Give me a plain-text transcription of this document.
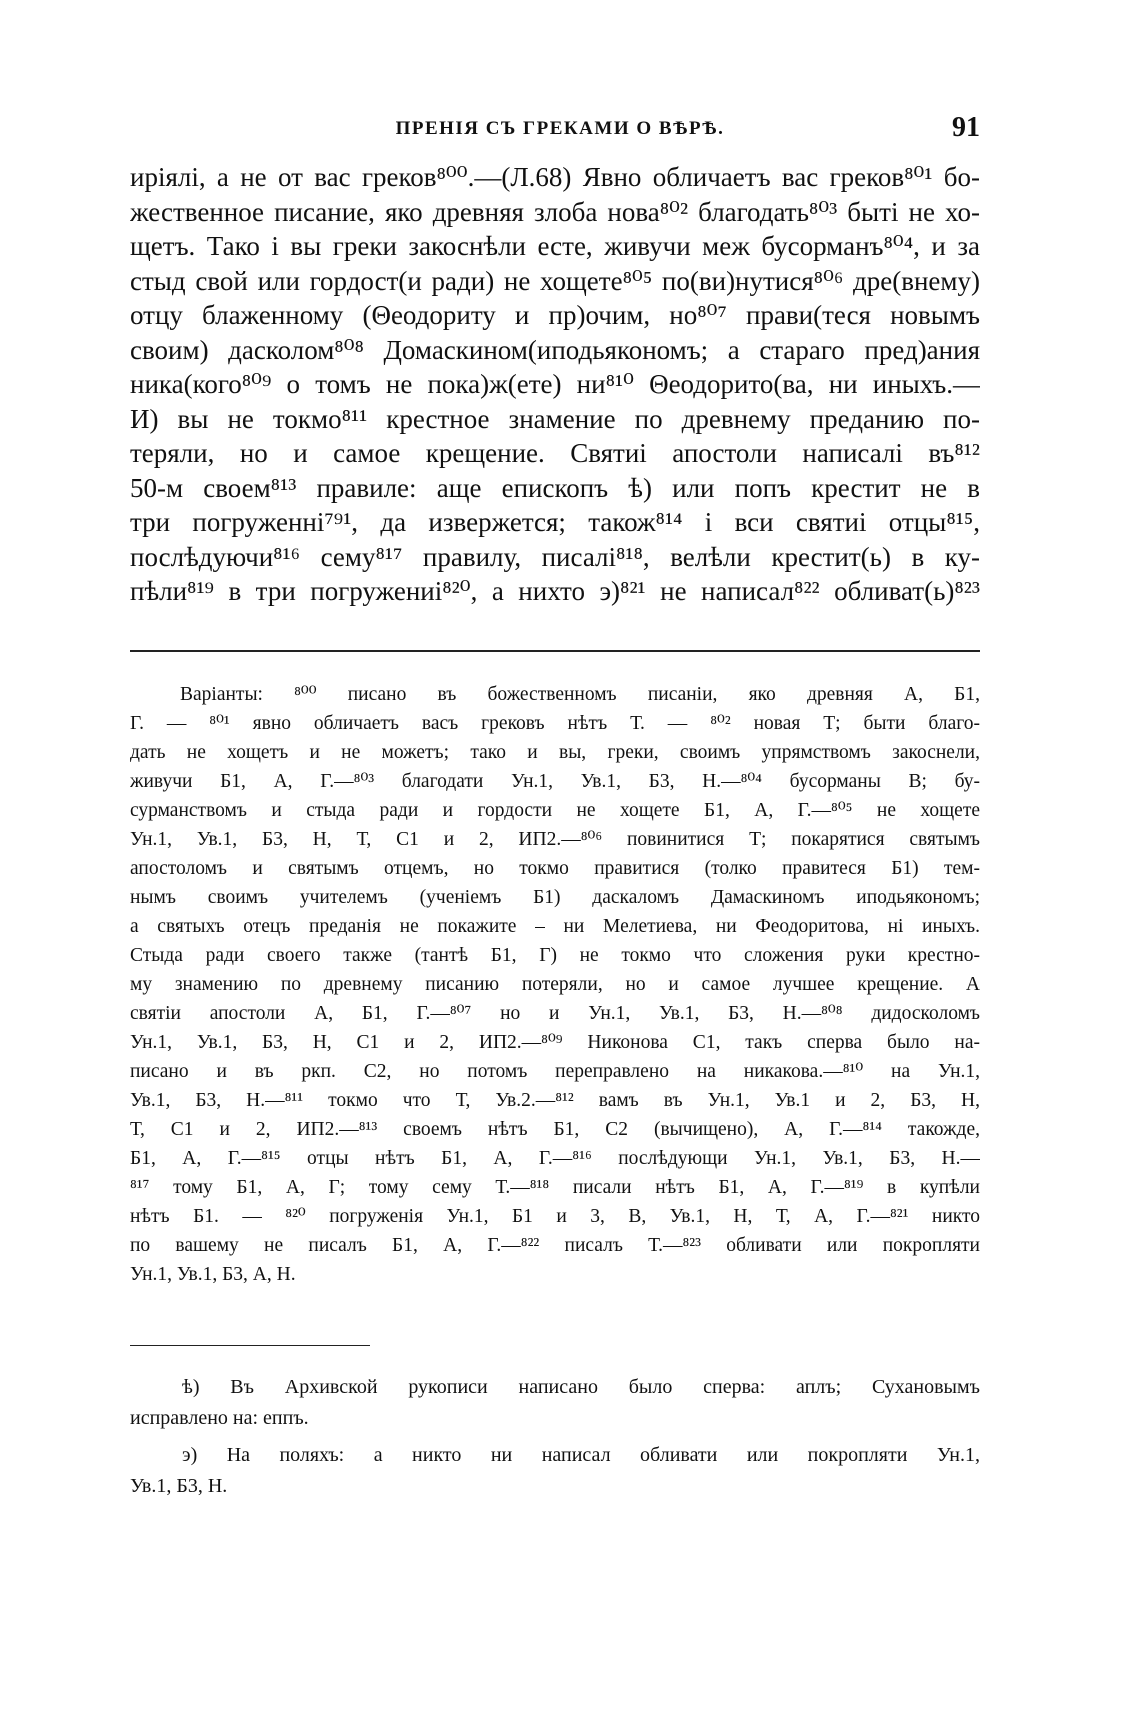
ПРЕНІЯ СЪ ГРЕКАМИ О ВѢРѢ.	91
иріялі, а не от вас греков⁸⁰⁰.—(Л.68) Явно обличаетъ вас греков⁸⁰¹ бо-
жественное писание, яко древняя злоба нова⁸⁰² благодать⁸⁰³ быті не хо-
щетъ. Тако і вы греки закоснѣли есте, живучи меж бусорманъ⁸⁰⁴, и за
стыд свой или гордост(и ради) не хощете⁸⁰⁵ по(ви)нутися⁸⁰⁶ дре(внему)
отцу блаженному (Θеодориту и пр)очим, но⁸⁰⁷ прави(теся новымъ
своим) дасколом⁸⁰⁸ Домаскином(иподьякономъ; а стараго пред)ания
ника(кого⁸⁰⁹ о томъ не пока)ж(ете) ни⁸¹⁰ Θеодорито(ва, ни иныхъ.—
И) вы не токмо⁸¹¹ крестное знамение по древнему преданию по-
теряли, но и самое крещение. Святиі апостоли написалі въ⁸¹²
50-м своем⁸¹³ правиле: аще епископъ ѣ) или попъ крестит не в
три погруженні⁷⁹¹, да извержется; також⁸¹⁴ і вси святиі отцы⁸¹⁵,
послѣдуючи⁸¹⁶ сему⁸¹⁷ правилу, писалі⁸¹⁸, велѣли крестит(ь) в ку-
пѣли⁸¹⁹ в три погружениі⁸²⁰, а нихто э)⁸²¹ не написал⁸²² обливат(ь)⁸²³
Варіанты: ⁸⁰⁰ писано въ божественномъ писаніи, яко древняя А, Б1,
Г. — ⁸⁰¹ явно обличаетъ васъ грековъ нѣтъ Т. — ⁸⁰² новая Т; быти благо-
дать не хощетъ и не можетъ; тако и вы, греки, своимъ упрямствомъ закоснели,
живучи Б1, А, Г.—⁸⁰³ благодати Ун.1, Ув.1, Б3, Н.—⁸⁰⁴ бусорманы В; бу-
сурманствомъ и стыда ради и гордости не хощете Б1, А, Г.—⁸⁰⁵ не хощете
Ун.1, Ув.1, Б3, Н, Т, С1 и 2, ИП2.—⁸⁰⁶ повинитися Т; покарятися святымъ
апостоломъ и святымъ отцемъ, но токмо правитися (толко правитеся Б1) тем-
нымъ своимъ учителемъ (ученіемъ Б1) даскаломъ Дамаскиномъ иподьякономъ;
а святыхъ отецъ преданія не покажите – ни Мелетиева, ни Феодоритова, ні иныхъ.
Стыда ради своего также (тантѣ Б1, Г) не токмо что сложения руки крестно-
му знамению по древнему писанию потеряли, но и самое лучшее крещение. А
святіи апостоли А, Б1, Г.—⁸⁰⁷ но и Ун.1, Ув.1, Б3, Н.—⁸⁰⁸ дидосколомъ
Ун.1, Ув.1, Б3, Н, С1 и 2, ИП2.—⁸⁰⁹ Никонова С1, такъ сперва было на-
писано и въ ркп. С2, но потомъ переправлено на никакова.—⁸¹⁰ на Ун.1,
Ув.1, Б3, Н.—⁸¹¹ токмо что Т, Ув.2.—⁸¹² вамъ въ Ун.1, Ув.1 и 2, Б3, Н,
Т, С1 и 2, ИП2.—⁸¹³ своемъ нѣтъ Б1, С2 (вычищено), А, Г.—⁸¹⁴ такожде,
Б1, А, Г.—⁸¹⁵ отцы нѣтъ Б1, А, Г.—⁸¹⁶ послѣдующи Ун.1, Ув.1, Б3, Н.—
⁸¹⁷ тому Б1, А, Г; тому сему Т.—⁸¹⁸ писали нѣтъ Б1, А, Г.—⁸¹⁹ в купѣли
нѣтъ Б1. — ⁸²⁰ погруженія Ун.1, Б1 и 3, В, Ув.1, Н, Т, А, Г.—⁸²¹ никто
по вашему не писалъ Б1, А, Г.—⁸²² писалъ Т.—⁸²³ обливати или покропляти
Ун.1, Ув.1, Б3, А, Н.
ѣ) Въ Архивской рукописи написано было сперва: аплъ; Сухановымъ
исправлено на: еппъ.
э) На поляхъ: а никто ни написал обливати или покропляти Ун.1,
Ув.1, Б3, Н.
